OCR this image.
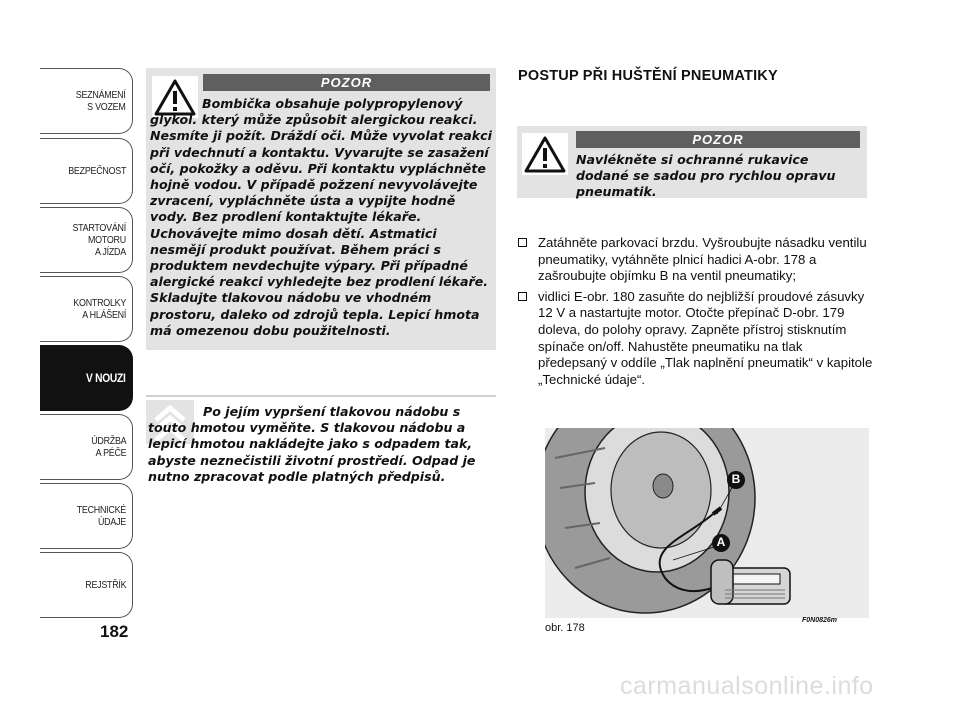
SEZNÁMENÍ
S VOZEM
BEZPEČNOST
STARTOVÁNÍ
MOTORU
A JÍZDA
KONTROLKY
A HLÁŠENÍ
V NOUZI
ÚDRŽBA
A PÉČE
TECHNICKÉ
ÚDAJE
REJSTŘÍK
182
POZOR

Bombička obsahuje polypropylenový glykol. který může způsobit alergickou reakci. Nesmíte ji požít. Dráždí oči. Může vyvolat reakci při vdechnutí a kontaktu. Vyvarujte se zasažení očí, pokožky a oděvu. Při kontaktu vypláchněte hojně vodou. V případě požzení nevyvolávejte zvracení, vypláchněte ústa a vypijte hodně vody. Bez prodlení kontaktujte lékaře. Uchovávejte mimo dosah dětí. Astmatici nesmějí produkt používat. Během práci s produktem nevdechujte výpary. Při případné alergické reakci vyhledejte bez prodlení lékaře. Skladujte tlakovou nádobu ve vhodném prostoru, daleko od zdrojů tepla. Lepicí hmota má omezenou dobu použitelnosti.

Po jejím vypršení tlakovou nádobu s touto hmotou vyměňte. S tlakovou nádobu a lepicí hmotou nakládejte jako s odpadem tak, abyste neznečistili životní prostředí. Odpad je nutno zpracovat podle platných předpisů.

POSTUP PŘI HUŠTĚNÍ PNEUMATIKY
POZOR

Navlékněte si ochranné rukavice dodané se sadou pro rychlou opravu pneumatik.

Zatáhněte parkovací brzdu. Vyšroubujte násadku ventilu pneumatiky, vytáhněte plnicí hadici A-obr. 178 a zašroubujte objímku B na ventil pneumatiky;
vidlici E-obr. 180 zasuňte do nejbližší proudové zásuvky 12 V a nastartujte motor. Otočte přepínač D-obr. 179 doleva, do polohy opravy. Zapněte přístroj stisknutím spínače on/off. Nahustěte pneumatiku na tlak předepsaný v oddíle „Tlak naplnění pneumatik“ v kapitole „Technické údaje“.
B
A
F0N0826m
obr. 178
carmanualsonline.info
